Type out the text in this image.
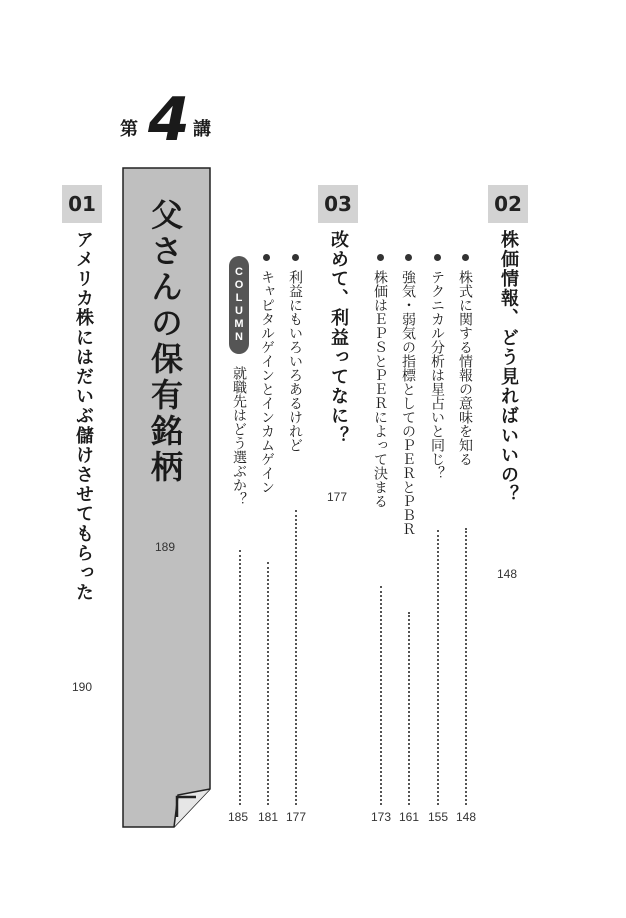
第 4 講
01
アメリカ株にはだいぶ儲けさせてもらった
190
父さんの保有銘柄
189
COLUMN
就職先はどう選ぶか？
185
キャピタルゲインとインカムゲイン
181
利益にもいろいろあるけれど
177
03
改めて、利益ってなに？
177 株価はＥＰＳとＰＥＲによって決まる
173
強気・弱気の指標としてのＰＥＲとＰＢＲ
161
テクニカル分析は星占いと同じ？
155
株式に関する情報の意味を知る
148
02
株価情報、どう見ればいいの？
148
